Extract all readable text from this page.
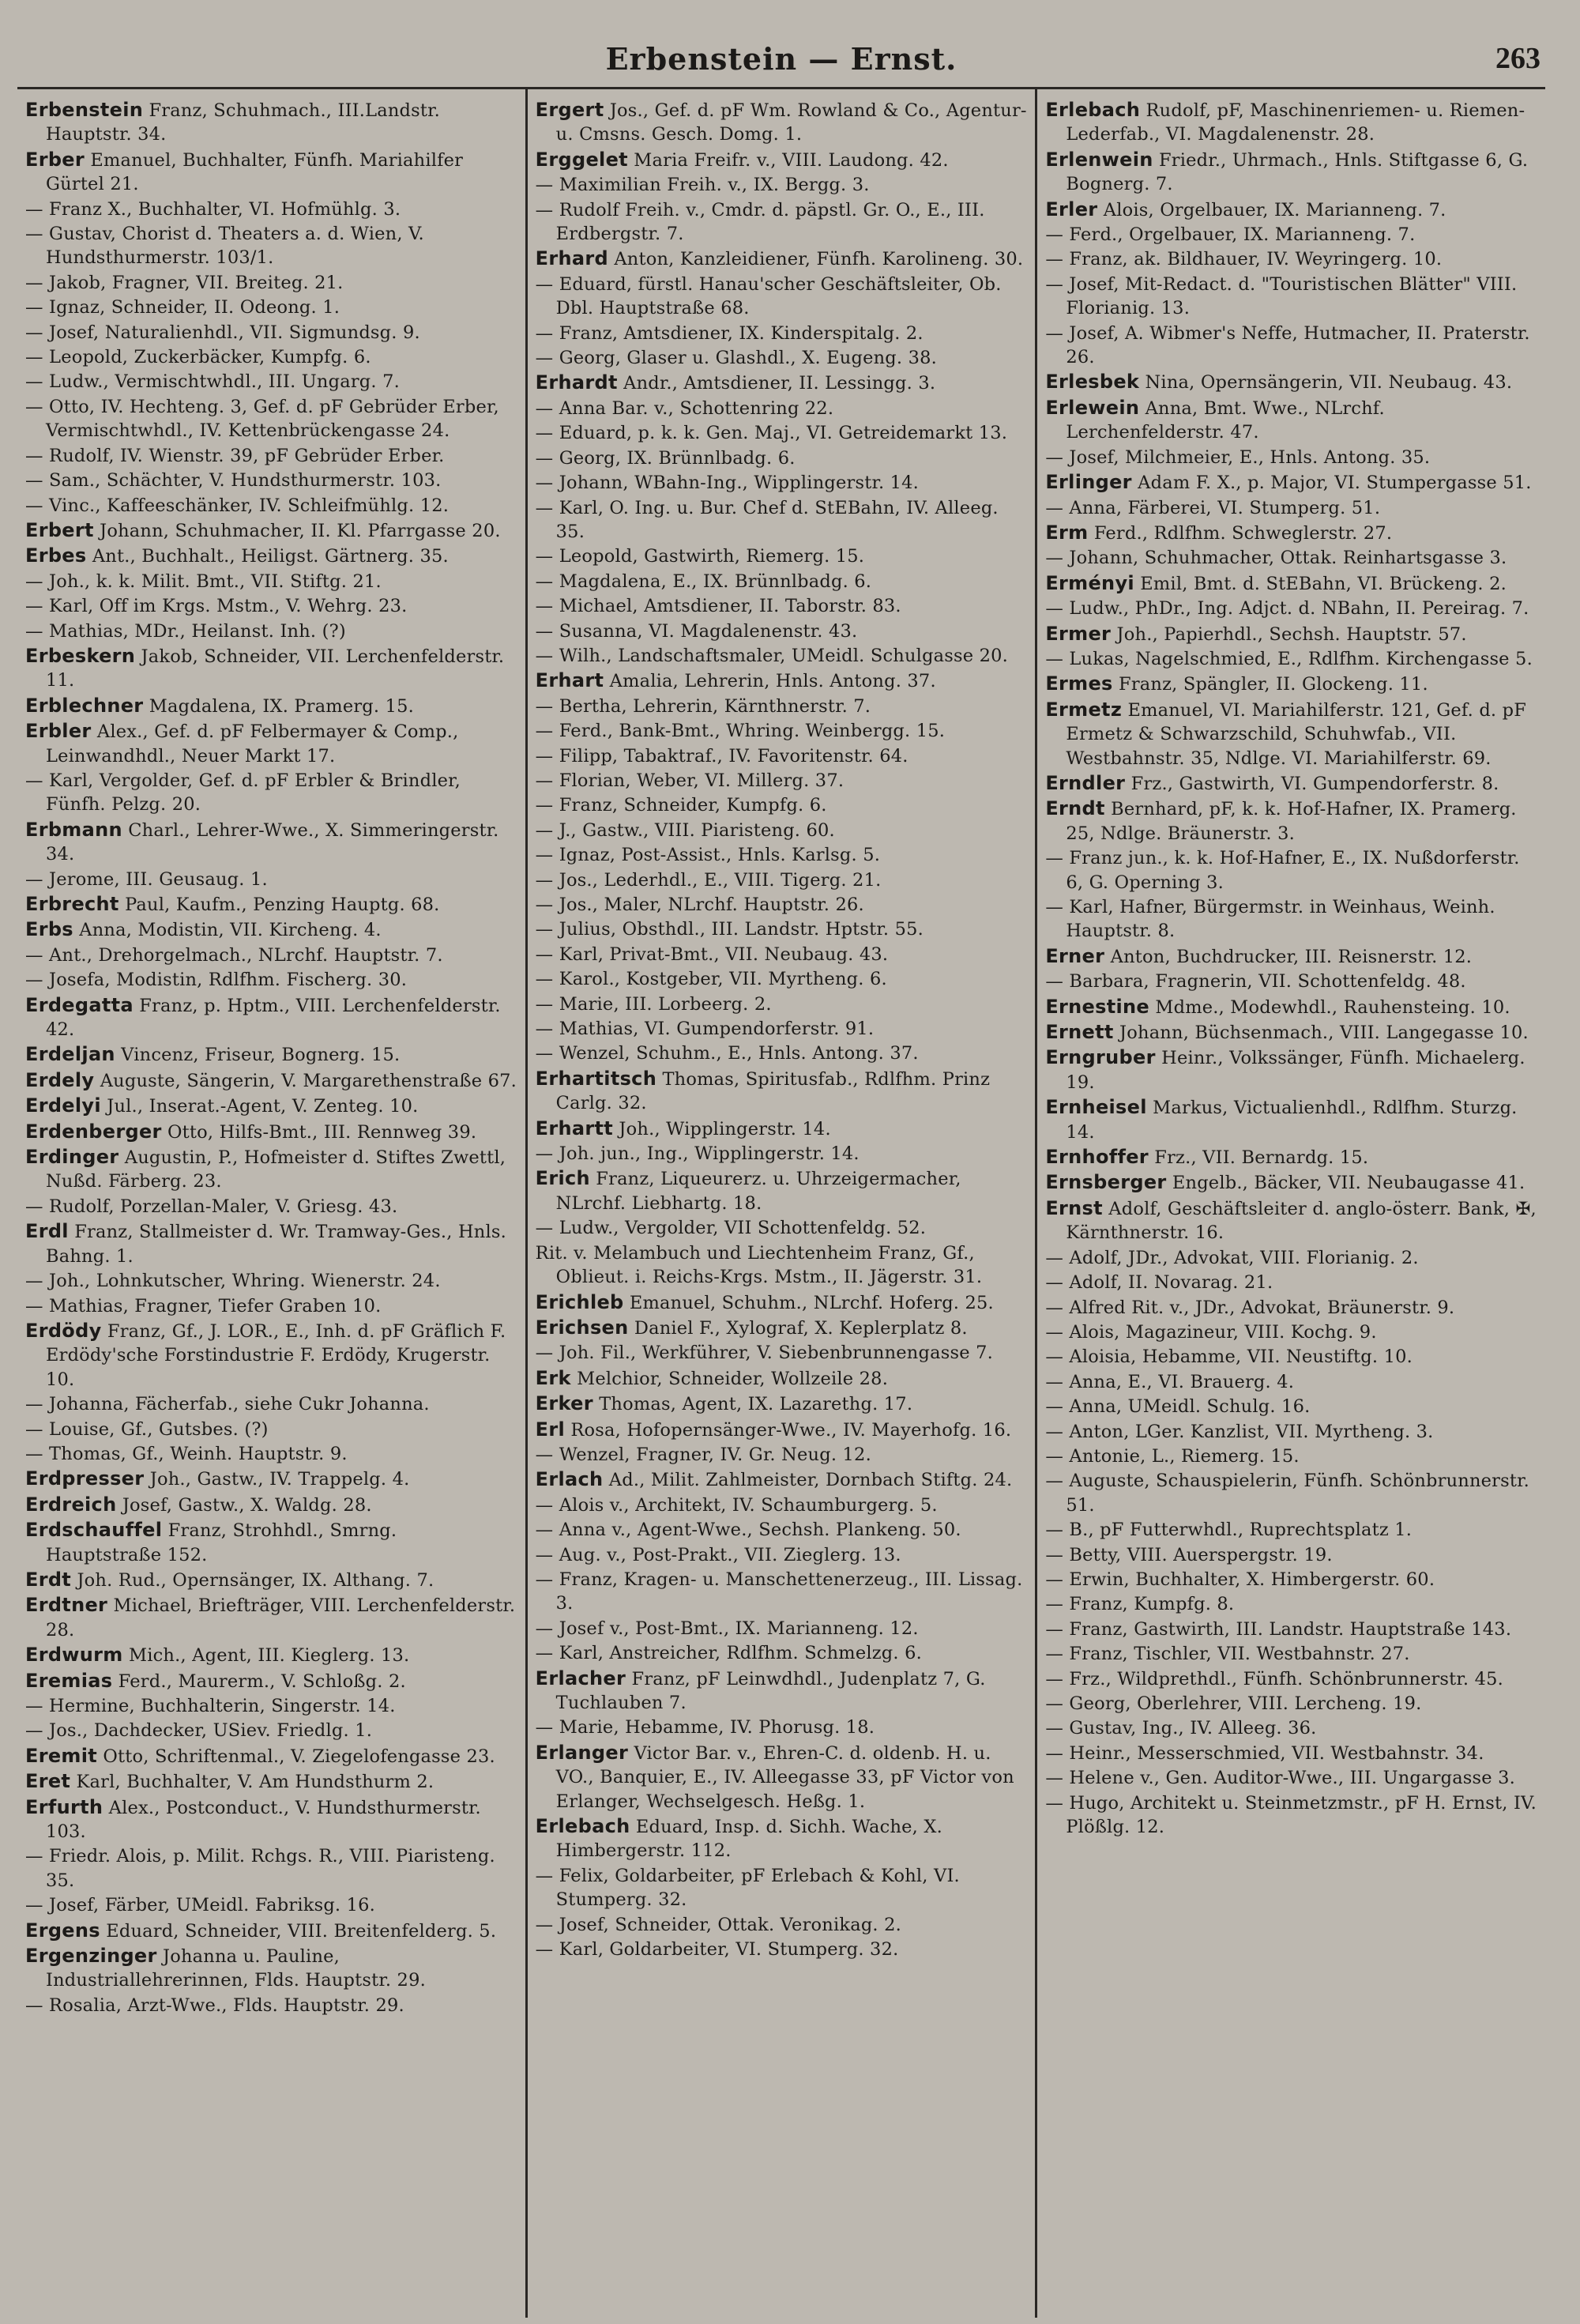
Erbenstein — Ernst.	263

Erbenstein Franz, Schuhmach., III.Landstr. Hauptstr. 34.

Erber Emanuel, Buchhalter, Fünfh. Mariahilfer Gürtel 21.

— Franz X., Buchhalter, VI. Hofmühlg. 3.

— Gustav, Chorist d. Theaters a. d. Wien, V. Hundsthurmerstr. 103/1.

— Jakob, Fragner, VII. Breiteg. 21.

— Ignaz, Schneider, II. Odeong. 1.

— Josef, Naturalienhdl., VII. Sigmundsg. 9.

— Leopold, Zuckerbäcker, Kumpfg. 6.

— Ludw., Vermischtwhdl., III. Ungarg. 7.

— Otto, IV. Hechteng. 3, Gef. d. pF Gebrüder Erber, Vermischtwhdl., IV. Kettenbrückengasse 24.

— Rudolf, IV. Wienstr. 39, pF Gebrüder Erber.

— Sam., Schächter, V. Hundsthurmerstr. 103.

— Vinc., Kaffeeschänker, IV. Schleifmühlg. 12.

Erbert Johann, Schuhmacher, II. Kl. Pfarrgasse 20.

Erbes Ant., Buchhalt., Heiligst. Gärtnerg. 35.

— Joh., k. k. Milit. Bmt., VII. Stiftg. 21.

— Karl, Off im Krgs. Mstm., V. Wehrg. 23.

— Mathias, MDr., Heilanst. Inh. (?)

Erbeskern Jakob, Schneider, VII. Lerchenfelderstr. 11.

Erblechner Magdalena, IX. Pramerg. 15.

Erbler Alex., Gef. d. pF Felbermayer & Comp., Leinwandhdl., Neuer Markt 17.

— Karl, Vergolder, Gef. d. pF Erbler & Brindler, Fünfh. Pelzg. 20.

Erbmann Charl., Lehrer-Wwe., X. Simmeringerstr. 34.

— Jerome, III. Geusaug. 1.

Erbrecht Paul, Kaufm., Penzing Hauptg. 68.

Erbs Anna, Modistin, VII. Kircheng. 4.

— Ant., Drehorgelmach., NLrchf. Hauptstr. 7.

— Josefa, Modistin, Rdlfhm. Fischerg. 30.

Erdegatta Franz, p. Hptm., VIII. Lerchenfelderstr. 42.

Erdeljan Vincenz, Friseur, Bognerg. 15.

Erdely Auguste, Sängerin, V. Margarethenstraße 67.

Erdelyi Jul., Inserat.-Agent, V. Zenteg. 10.

Erdenberger Otto, Hilfs-Bmt., III. Rennweg 39.

Erdinger Augustin, P., Hofmeister d. Stiftes Zwettl, Nußd. Färberg. 23.

— Rudolf, Porzellan-Maler, V. Griesg. 43.

Erdl Franz, Stallmeister d. Wr. Tramway-Ges., Hnls. Bahng. 1.

— Joh., Lohnkutscher, Whring. Wienerstr. 24.

— Mathias, Fragner, Tiefer Graben 10.

Erdödy Franz, Gf., J. LOR., E., Inh. d. pF Gräflich F. Erdödy'sche Forstindustrie F. Erdödy, Krugerstr. 10.

— Johanna, Fächerfab., siehe Cukr Johanna.

— Louise, Gf., Gutsbes. (?)

— Thomas, Gf., Weinh. Hauptstr. 9.

Erdpresser Joh., Gastw., IV. Trappelg. 4.

Erdreich Josef, Gastw., X. Waldg. 28.

Erdschauffel Franz, Strohhdl., Smrng. Hauptstraße 152.

Erdt Joh. Rud., Opernsänger, IX. Althang. 7.

Erdtner Michael, Briefträger, VIII. Lerchenfelderstr. 28.

Erdwurm Mich., Agent, III. Kieglerg. 13.

Eremias Ferd., Maurerm., V. Schloßg. 2.

— Hermine, Buchhalterin, Singerstr. 14.

— Jos., Dachdecker, USiev. Friedlg. 1.

Eremit Otto, Schriftenmal., V. Ziegelofengasse 23.

Eret Karl, Buchhalter, V. Am Hundsthurm 2.

Erfurth Alex., Postconduct., V. Hundsthurmerstr. 103.

— Friedr. Alois, p. Milit. Rchgs. R., VIII. Piaristeng. 35.

— Josef, Färber, UMeidl. Fabriksg. 16.

Ergens Eduard, Schneider, VIII. Breitenfelderg. 5.

Ergenzinger Johanna u. Pauline, Industriallehrerinnen, Flds. Hauptstr. 29.

— Rosalia, Arzt-Wwe., Flds. Hauptstr. 29.

Ergert Jos., Gef. d. pF Wm. Rowland & Co., Agentur- u. Cmsns. Gesch. Domg. 1.

Erggelet Maria Freifr. v., VIII. Laudong. 42.

— Maximilian Freih. v., IX. Bergg. 3.

— Rudolf Freih. v., Cmdr. d. päpstl. Gr. O., E., III. Erdbergstr. 7.

Erhard Anton, Kanzleidiener, Fünfh. Karolineng. 30.

— Eduard, fürstl. Hanau'scher Geschäftsleiter, Ob. Dbl. Hauptstraße 68.

— Franz, Amtsdiener, IX. Kinderspitalg. 2.

— Georg, Glaser u. Glashdl., X. Eugeng. 38.

Erhardt Andr., Amtsdiener, II. Lessingg. 3.

— Anna Bar. v., Schottenring 22.

— Eduard, p. k. k. Gen. Maj., VI. Getreidemarkt 13.

— Georg, IX. Brünnlbadg. 6.

— Johann, WBahn-Ing., Wipplingerstr. 14.

— Karl, O. Ing. u. Bur. Chef d. StEBahn, IV. Alleeg. 35.

— Leopold, Gastwirth, Riemerg. 15.

— Magdalena, E., IX. Brünnlbadg. 6.

— Michael, Amtsdiener, II. Taborstr. 83.

— Susanna, VI. Magdalenenstr. 43.

— Wilh., Landschaftsmaler, UMeidl. Schulgasse 20.

Erhart Amalia, Lehrerin, Hnls. Antong. 37.

— Bertha, Lehrerin, Kärnthnerstr. 7.

— Ferd., Bank-Bmt., Whring. Weinbergg. 15.

— Filipp, Tabaktraf., IV. Favoritenstr. 64.

— Florian, Weber, VI. Millerg. 37.

— Franz, Schneider, Kumpfg. 6.

— J., Gastw., VIII. Piaristeng. 60.

— Ignaz, Post-Assist., Hnls. Karlsg. 5.

— Jos., Lederhdl., E., VIII. Tigerg. 21.

— Jos., Maler, NLrchf. Hauptstr. 26.

— Julius, Obsthdl., III. Landstr. Hptstr. 55.

— Karl, Privat-Bmt., VII. Neubaug. 43.

— Karol., Kostgeber, VII. Myrtheng. 6.

— Marie, III. Lorbeerg. 2.

— Mathias, VI. Gumpendorferstr. 91.

— Wenzel, Schuhm., E., Hnls. Antong. 37.

Erhartitsch Thomas, Spiritusfab., Rdlfhm. Prinz Carlg. 32.

Erhartt Joh., Wipplingerstr. 14.

— Joh. jun., Ing., Wipplingerstr. 14.

Erich Franz, Liqueurerz. u. Uhrzeigermacher, NLrchf. Liebhartg. 18.

— Ludw., Vergolder, VII Schottenfeldg. 52.

Rit. v. Melambuch und Liechtenheim Franz, Gf., Oblieut. i. Reichs-Krgs. Mstm., II. Jägerstr. 31.

Erichleb Emanuel, Schuhm., NLrchf. Hoferg. 25.

Erichsen Daniel F., Xylograf, X. Keplerplatz 8.

— Joh. Fil., Werkführer, V. Siebenbrunnengasse 7.

Erk Melchior, Schneider, Wollzeile 28.

Erker Thomas, Agent, IX. Lazarethg. 17.

Erl Rosa, Hofopernsänger-Wwe., IV. Mayerhofg. 16.

— Wenzel, Fragner, IV. Gr. Neug. 12.

Erlach Ad., Milit. Zahlmeister, Dornbach Stiftg. 24.

— Alois v., Architekt, IV. Schaumburgerg. 5.

— Anna v., Agent-Wwe., Sechsh. Plankeng. 50.

— Aug. v., Post-Prakt., VII. Zieglerg. 13.

— Franz, Kragen- u. Manschettenerzeug., III. Lissag. 3.

— Josef v., Post-Bmt., IX. Marianneng. 12.

— Karl, Anstreicher, Rdlfhm. Schmelzg. 6.

Erlacher Franz, pF Leinwdhdl., Judenplatz 7, G. Tuchlauben 7.

— Marie, Hebamme, IV. Phorusg. 18.

Erlanger Victor Bar. v., Ehren-C. d. oldenb. H. u. VO., Banquier, E., IV. Alleegasse 33, pF Victor von Erlanger, Wechselgesch. Heßg. 1.

Erlebach Eduard, Insp. d. Sichh. Wache, X. Himbergerstr. 112.

— Felix, Goldarbeiter, pF Erlebach & Kohl, VI. Stumperg. 32.

— Josef, Schneider, Ottak. Veronikag. 2.

— Karl, Goldarbeiter, VI. Stumperg. 32.

Erlebach Rudolf, pF, Maschinenriemen- u. Riemen-Lederfab., VI. Magdalenenstr. 28.

Erlenwein Friedr., Uhrmach., Hnls. Stiftgasse 6, G. Bognerg. 7.

Erler Alois, Orgelbauer, IX. Marianneng. 7.

— Ferd., Orgelbauer, IX. Marianneng. 7.

— Franz, ak. Bildhauer, IV. Weyringerg. 10.

— Josef, Mit-Redact. d. "Touristischen Blätter" VIII. Florianig. 13.

— Josef, A. Wibmer's Neffe, Hutmacher, II. Praterstr. 26.

Erlesbek Nina, Opernsängerin, VII. Neubaug. 43.

Erlewein Anna, Bmt. Wwe., NLrchf. Lerchenfelderstr. 47.

— Josef, Milchmeier, E., Hnls. Antong. 35.

Erlinger Adam F. X., p. Major, VI. Stumpergasse 51.

— Anna, Färberei, VI. Stumperg. 51.

Erm Ferd., Rdlfhm. Schweglerstr. 27.

— Johann, Schuhmacher, Ottak. Reinhartsgasse 3.

Erményi Emil, Bmt. d. StEBahn, VI. Brückeng. 2.

— Ludw., PhDr., Ing. Adjct. d. NBahn, II. Pereirag. 7.

Ermer Joh., Papierhdl., Sechsh. Hauptstr. 57.

— Lukas, Nagelschmied, E., Rdlfhm. Kirchengasse 5.

Ermes Franz, Spängler, II. Glockeng. 11.

Ermetz Emanuel, VI. Mariahilferstr. 121, Gef. d. pF Ermetz & Schwarzschild, Schuhwfab., VII. Westbahnstr. 35, Ndlge. VI. Mariahilferstr. 69.

Erndler Frz., Gastwirth, VI. Gumpendorferstr. 8.

Erndt Bernhard, pF, k. k. Hof-Hafner, IX. Pramerg. 25, Ndlge. Bräunerstr. 3.

— Franz jun., k. k. Hof-Hafner, E., IX. Nußdorferstr. 6, G. Operning 3.

— Karl, Hafner, Bürgermstr. in Weinhaus, Weinh. Hauptstr. 8.

Erner Anton, Buchdrucker, III. Reisnerstr. 12.

— Barbara, Fragnerin, VII. Schottenfeldg. 48.

Ernestine Mdme., Modewhdl., Rauhensteing. 10.

Ernett Johann, Büchsenmach., VIII. Langegasse 10.

Erngruber Heinr., Volkssänger, Fünfh. Michaelerg. 19.

Ernheisel Markus, Victualienhdl., Rdlfhm. Sturzg. 14.

Ernhoffer Frz., VII. Bernardg. 15.

Ernsberger Engelb., Bäcker, VII. Neubaugasse 41.

Ernst Adolf, Geschäftsleiter d. anglo-österr. Bank, ✠, Kärnthnerstr. 16.

— Adolf, JDr., Advokat, VIII. Florianig. 2.

— Adolf, II. Novarag. 21.

— Alfred Rit. v., JDr., Advokat, Bräunerstr. 9.

— Alois, Magazineur, VIII. Kochg. 9.

— Aloisia, Hebamme, VII. Neustiftg. 10.

— Anna, E., VI. Brauerg. 4.

— Anna, UMeidl. Schulg. 16.

— Anton, LGer. Kanzlist, VII. Myrtheng. 3.

— Antonie, L., Riemerg. 15.

— Auguste, Schauspielerin, Fünfh. Schönbrunnerstr. 51.

— B., pF Futterwhdl., Ruprechtsplatz 1.

— Betty, VIII. Auerspergstr. 19.

— Erwin, Buchhalter, X. Himbergerstr. 60.

— Franz, Kumpfg. 8.

— Franz, Gastwirth, III. Landstr. Hauptstraße 143.

— Franz, Tischler, VII. Westbahnstr. 27.

— Frz., Wildprethdl., Fünfh. Schönbrunnerstr. 45.

— Georg, Oberlehrer, VIII. Lercheng. 19.

— Gustav, Ing., IV. Alleeg. 36.

— Heinr., Messerschmied, VII. Westbahnstr. 34.

— Helene v., Gen. Auditor-Wwe., III. Ungargasse 3.

— Hugo, Architekt u. Steinmetzmstr., pF H. Ernst, IV. Plößlg. 12.
